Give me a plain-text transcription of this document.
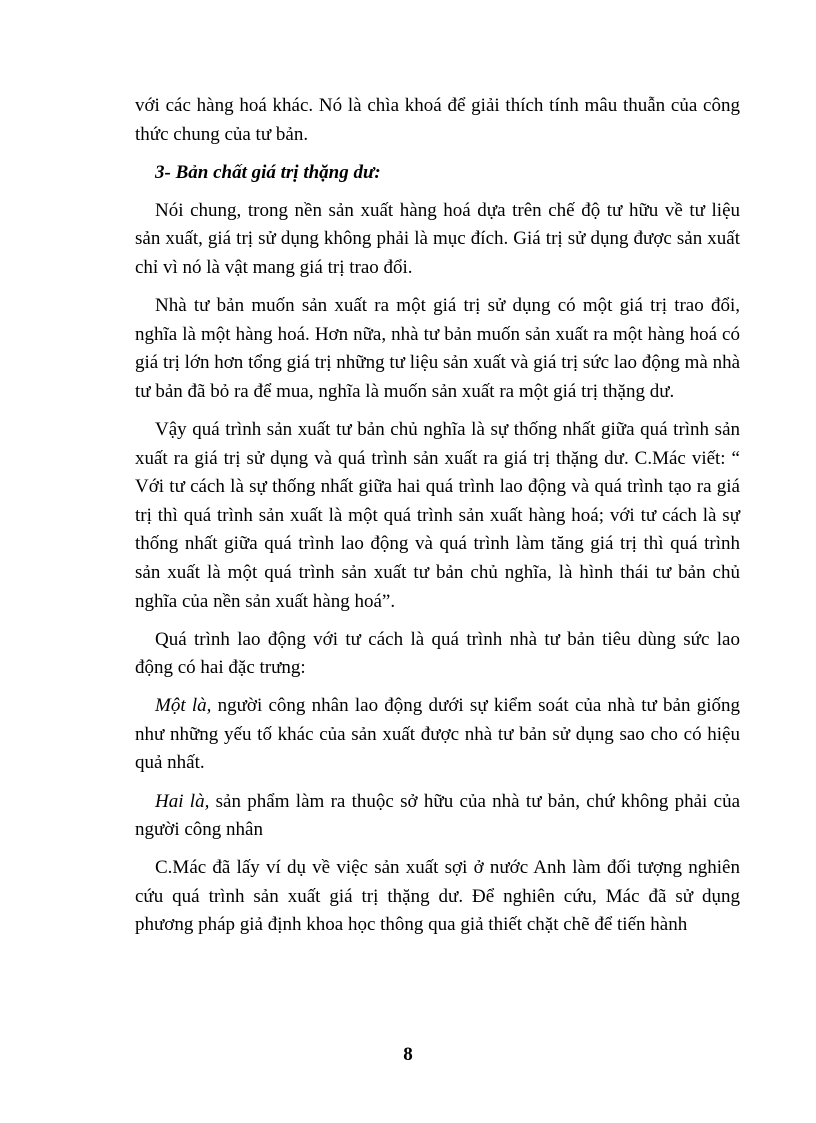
với các hàng hoá khác. Nó là chìa khoá để giải thích tính mâu thuẫn của công thức chung của tư bản.

3- Bản chất giá trị thặng dư:

Nói chung, trong nền sản xuất hàng hoá dựa trên chế độ tư hữu về tư liệu sản xuất, giá trị sử dụng không phải là mục đích. Giá trị sử dụng được sản xuất chỉ vì nó là vật mang giá trị trao đổi.

Nhà tư bản muốn sản xuất ra một giá trị sử dụng có một giá trị trao đổi, nghĩa là một hàng hoá. Hơn nữa, nhà tư bản muốn sản xuất ra một hàng hoá có giá trị lớn hơn tổng giá trị những tư liệu sản xuất và giá trị sức lao động mà nhà tư bản đã bỏ ra để mua, nghĩa là muốn sản xuất ra một giá trị thặng dư.

Vậy quá trình sản xuất tư bản chủ nghĩa là sự thống nhất giữa quá trình sản xuất ra giá trị sử dụng và quá trình sản xuất ra giá trị thặng dư. C.Mác viết: “ Với tư cách là sự thống nhất giữa hai quá trình lao động và quá trình tạo ra giá trị thì quá trình sản xuất là một quá trình sản xuất hàng hoá; với tư cách là sự thống nhất giữa quá trình lao động và quá trình làm tăng giá trị thì quá trình sản xuất là một quá trình sản xuất tư bản chủ nghĩa, là hình thái tư bản chủ nghĩa của nền sản xuất hàng hoá”.

Quá trình lao động với tư cách là quá trình nhà tư bản tiêu dùng sức lao động có hai đặc trưng:

Một là, người công nhân lao động dưới sự kiểm soát của nhà tư bản giống như những yếu tố khác của sản xuất được nhà tư bản sử dụng sao cho có hiệu quả nhất.

Hai là, sản phẩm làm ra thuộc sở hữu của nhà tư bản, chứ không phải của người công nhân

C.Mác đã lấy ví dụ về việc sản xuất sợi ở nước Anh làm đối tượng nghiên cứu quá trình sản xuất giá trị thặng dư. Để nghiên cứu, Mác đã sử dụng phương pháp giả định khoa học thông qua giả thiết chặt chẽ để tiến hành

8
